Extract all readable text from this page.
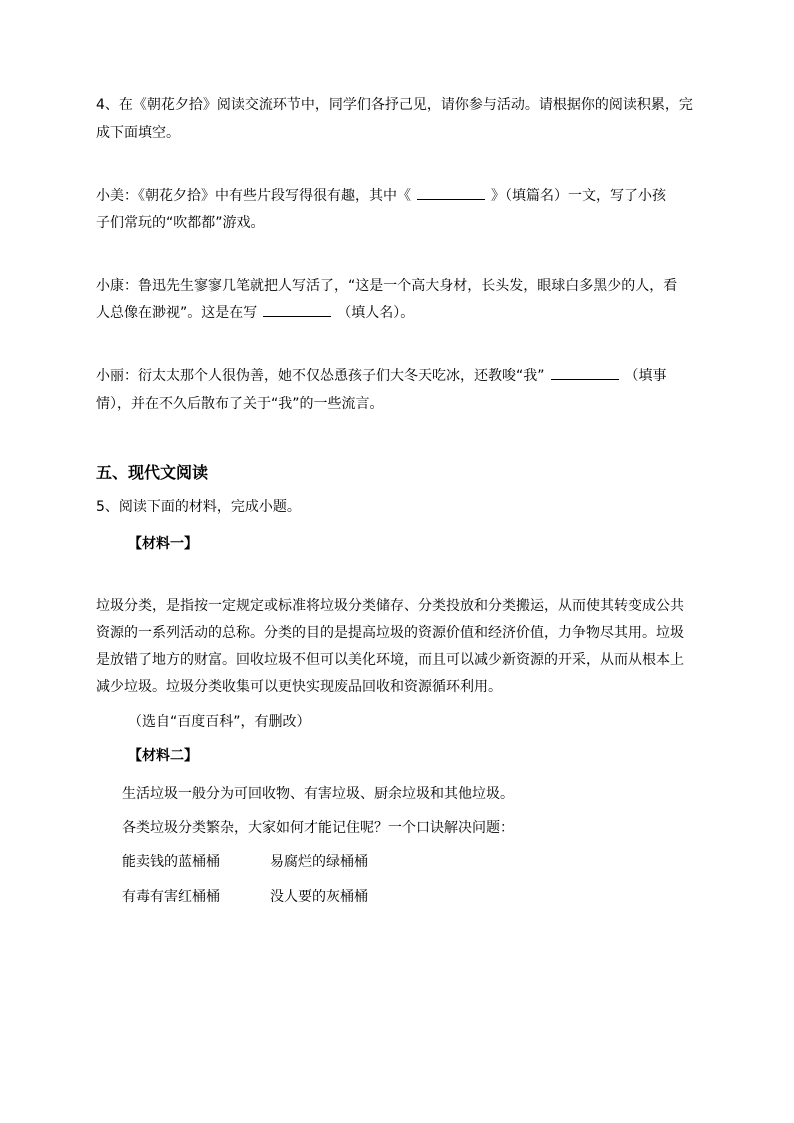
4、在《朝花夕拾》阅读交流环节中，同学们各抒己见，请你参与活动。请根据你的阅读积累，完
成下面填空。
小美：《朝花夕拾》中有些片段写得很有趣，其中《	》（填篇名）一文，写了小孩
子们常玩的“吹都都”游戏。
小康：鲁迅先生寥寥几笔就把人写活了，“这是一个高大身材，长头发，眼球白多黑少的人，看
人总像在渺视”。这是在写	（填人名）。
小丽：衍太太那个人很伪善，她不仅怂恿孩子们大冬天吃冰，还教唆“我”	（填事
情），并在不久后散布了关于“我”的一些流言。
五、现代文阅读
5、阅读下面的材料，完成小题。
【材料一】
垃圾分类，是指按一定规定或标准将垃圾分类储存、分类投放和分类搬运，从而使其转变成公共
资源的一系列活动的总称。分类的目的是提高垃圾的资源价值和经济价值，力争物尽其用。垃圾
是放错了地方的财富。回收垃圾不但可以美化环境，而且可以减少新资源的开采，从而从根本上
减少垃圾。垃圾分类收集可以更快实现废品回收和资源循环利用。
（选自“百度百科”，有删改）
【材料二】
生活垃圾一般分为可回收物、有害垃圾、厨余垃圾和其他垃圾。
各类垃圾分类繁杂，大家如何才能记住呢？一个口诀解决问题：
能卖钱的蓝桶桶	易腐烂的绿桶桶
有毒有害红桶桶	没人要的灰桶桶
